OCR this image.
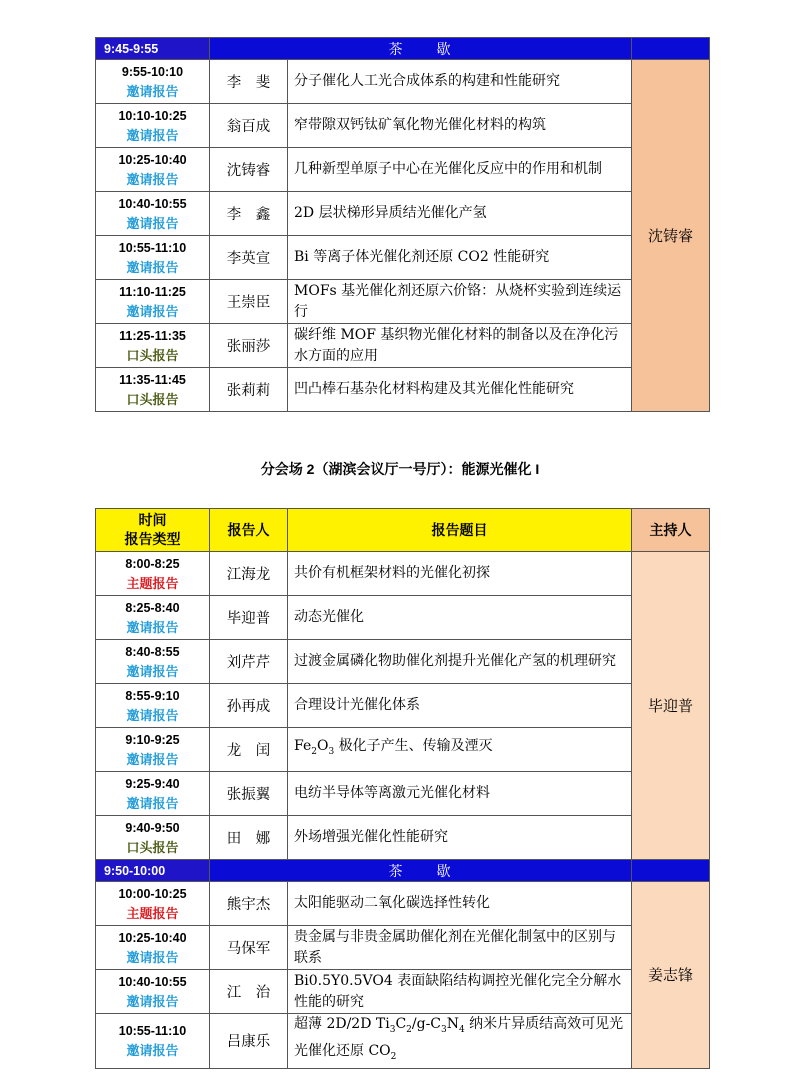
9:45-9:55	茶　　歇		

9:55-10:10
邀请报告	李　斐	分子催化人工光合成体系的构建和性能研究	沈铸睿

10:10-10:25
邀请报告	翁百成	窄带隙双钙钛矿氧化物光催化材料的构筑	

10:25-10:40
邀请报告	沈铸睿	几种新型单原子中心在光催化反应中的作用和机制	

10:40-10:55
邀请报告	李　鑫	2D 层状梯形异质结光催化产氢	

10:55-11:10
邀请报告	李英宣	Bi 等离子体光催化剂还原 CO2 性能研究	

11:10-11:25
邀请报告	王崇臣	MOFs 基光催化剂还原六价铬：从烧杯实验到连续运行	

11:25-11:35
口头报告	张丽莎	碳纤维 MOF 基织物光催化材料的制备以及在净化污水方面的应用	

11:35-11:45
口头报告	张莉莉	凹凸棒石基杂化材料构建及其光催化性能研究	
分会场 2（湖滨会议厅一号厅）：能源光催化 I
时间
报告类型	报告人	报告题目	主持人

8:00-8:25
主题报告	江海龙	共价有机框架材料的光催化初探	毕迎普

8:25-8:40
邀请报告	毕迎普	动态光催化	

8:40-8:55
邀请报告	刘芹芹	过渡金属磷化物助催化剂提升光催化产氢的机理研究	

8:55-9:10
邀请报告	孙再成	合理设计光催化体系	

9:10-9:25
邀请报告	龙　闰	$Fe_2O_3$ 极化子产生、传输及湮灭	

9:25-9:40
邀请报告	张振翼	电纺半导体等离激元光催化材料	

9:40-9:50
口头报告	田　娜	外场增强光催化性能研究	
9:50-10:00	茶　　歇		

10:00-10:25
主题报告	熊宇杰	太阳能驱动二氧化碳选择性转化	姜志锋

10:25-10:40
邀请报告	马保军	贵金属与非贵金属助催化剂在光催化制氢中的区别与联系	

10:40-10:55
邀请报告	江　治	Bi0.5Y0.5VO4 表面缺陷结构调控光催化完全分解水性能的研究	

10:55-11:10
邀请报告	吕康乐	超薄 2D/2D $Ti_3C_2/g-C_3N_4$ 纳米片异质结高效可见光光催化还原 $CO_2$
